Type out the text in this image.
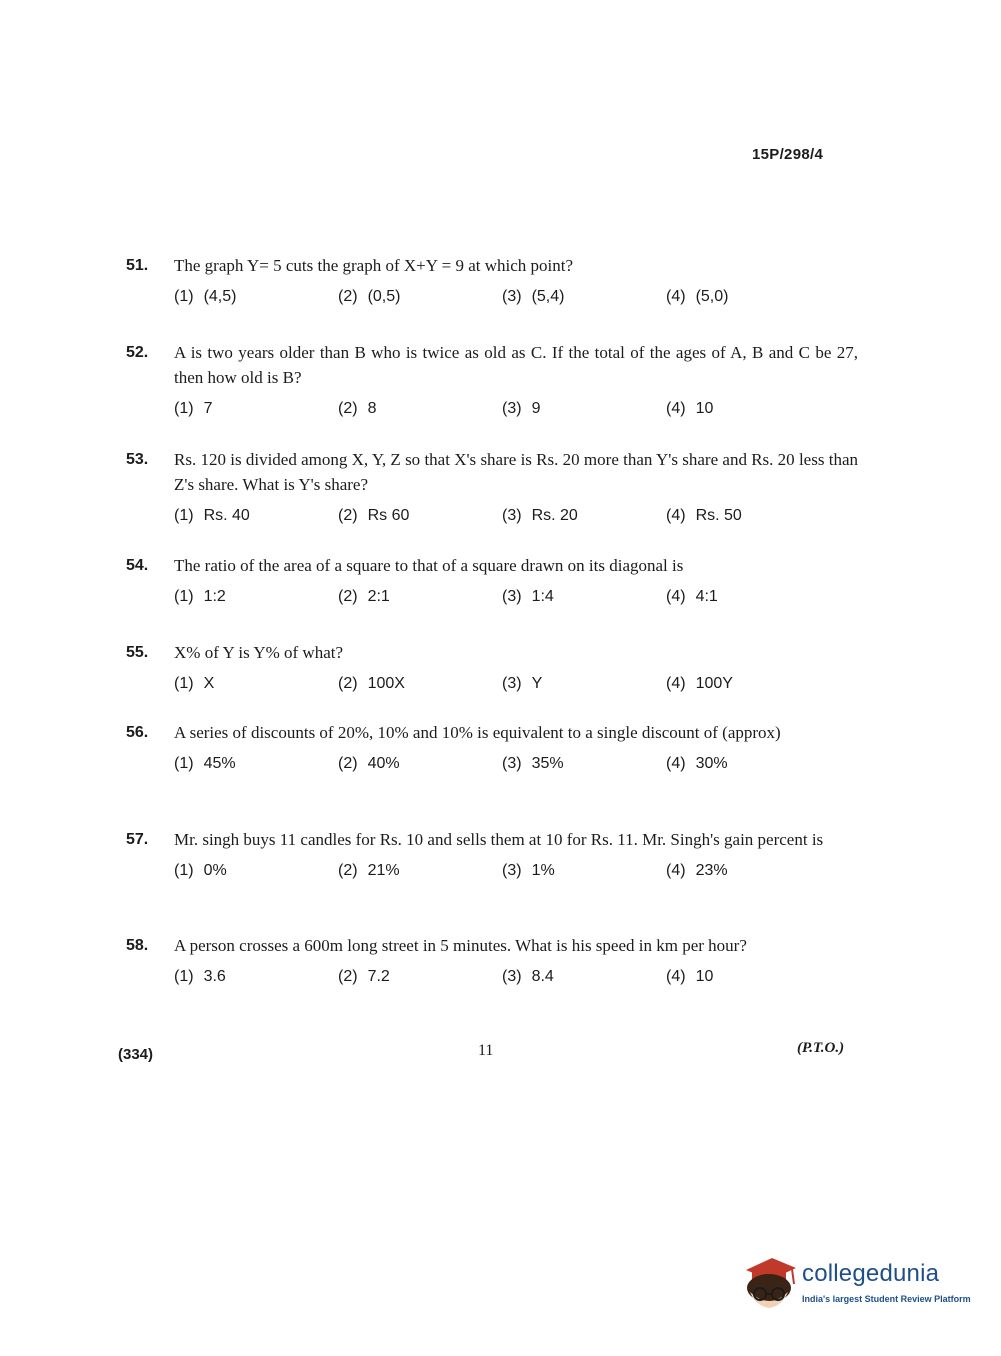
15P/298/4
51.	The graph Y= 5 cuts the graph of X+Y = 9 at which point?
(1) (4,5)	(2) (0,5)	(3) (5,4)	(4) (5,0)
52.	A is two years older than B who is twice as old as C. If the total of the ages of A, B and C be 27, then how old is B?
(1) 7	(2) 8	(3) 9	(4) 10
53.	Rs. 120 is divided among X, Y, Z so that X's share is Rs. 20 more than Y's share and Rs. 20 less than Z's share. What is Y's share?
(1) Rs. 40	(2) Rs 60	(3) Rs. 20	(4) Rs. 50
54.	The ratio of the area of a square to that of a square drawn on its diagonal is
(1) 1:2	(2) 2:1	(3) 1:4	(4) 4:1
55.	X% of Y is Y% of what?
(1) X	(2) 100X	(3) Y	(4) 100Y
56.	A series of discounts of 20%, 10% and 10% is equivalent to a single discount of (approx)
(1) 45%	(2) 40%	(3) 35%	(4) 30%
57.	Mr. singh buys 11 candles for Rs. 10 and sells them at 10 for Rs. 11. Mr. Singh's gain percent is
(1) 0%	(2) 21%	(3) 1%	(4) 23%
58.	A person crosses a 600m long street in 5 minutes. What is his speed in km per hour?
(1) 3.6	(2) 7.2	(3) 8.4	(4) 10
(334)	11	(P.T.O.)
collegedunia
India's largest Student Review Platform
